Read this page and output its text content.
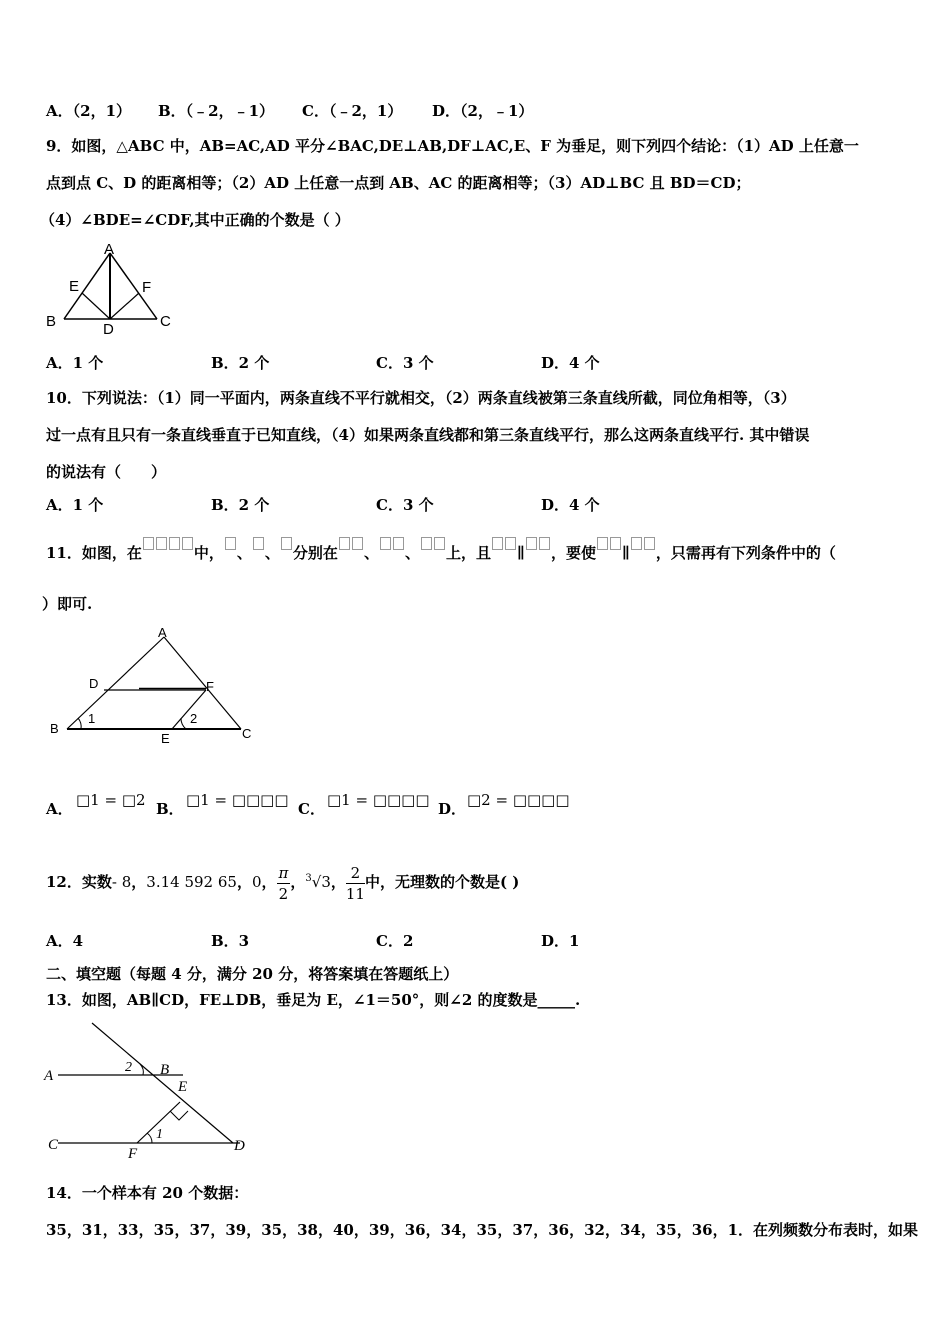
A．（2，1） B．（﹣2，﹣1） C．（﹣2，1） D．（2，﹣1）
9．如图，△ABC 中，AB=AC,AD 平分∠BAC,DE⊥AB,DF⊥AC,E、F 为垂足，则下列四个结论：（1）AD 上任意一
点到点 C、D 的距离相等；（2）AD 上任意一点到 AB、AC 的距离相等；（3）AD⊥BC 且 BD＝CD；
（4）∠BDE=∠CDF,其中正确的个数是（ ）
A
E	F
B	D	C
A．1 个	B．2 个	C．3 个	D．4 个
10．下列说法：（1）同一平面内，两条直线不平行就相交，（2）两条直线被第三条直线所截，同位角相等，（3）
过一点有且只有一条直线垂直于已知直线，（4）如果两条直线都和第三条直线平行，那么这两条直线平行. 其中错误
的说法有（　　）
A．1 个	B．2 个	C．3 个	D．4 个
11．如图，在	中， 、 、 分别在 、 、 上，且 ∥ ，要使 ∥ ，只需再有下列条件中的（
）即可.
A
D	F
B
1	2
E	C
A． □1 = □2 B． □1 = □□□□ C． □1 = □□□□ D． □2 = □□□□
12．实数- 8，3.14 592 65，0， $\frac{\pi}{2}$ ，$^3$√3， $\frac{2}{11}$ 中，无理数的个数是( )
A．4	B．3	C．2	D．1
二、填空题（每题 4 分，满分 20 分，将答案填在答题纸上）
13．如图，AB∥CD，FE⊥DB，垂足为 E，∠1＝50°，则∠2 的度数是_____.
A
2 B
E
1
C
F	D
14．一个样本有 20 个数据：
35，31，33，35，37，39，35，38，40，39，36，34，35，37，36，32，34，35，36，1．在列频数分布表时，如果
